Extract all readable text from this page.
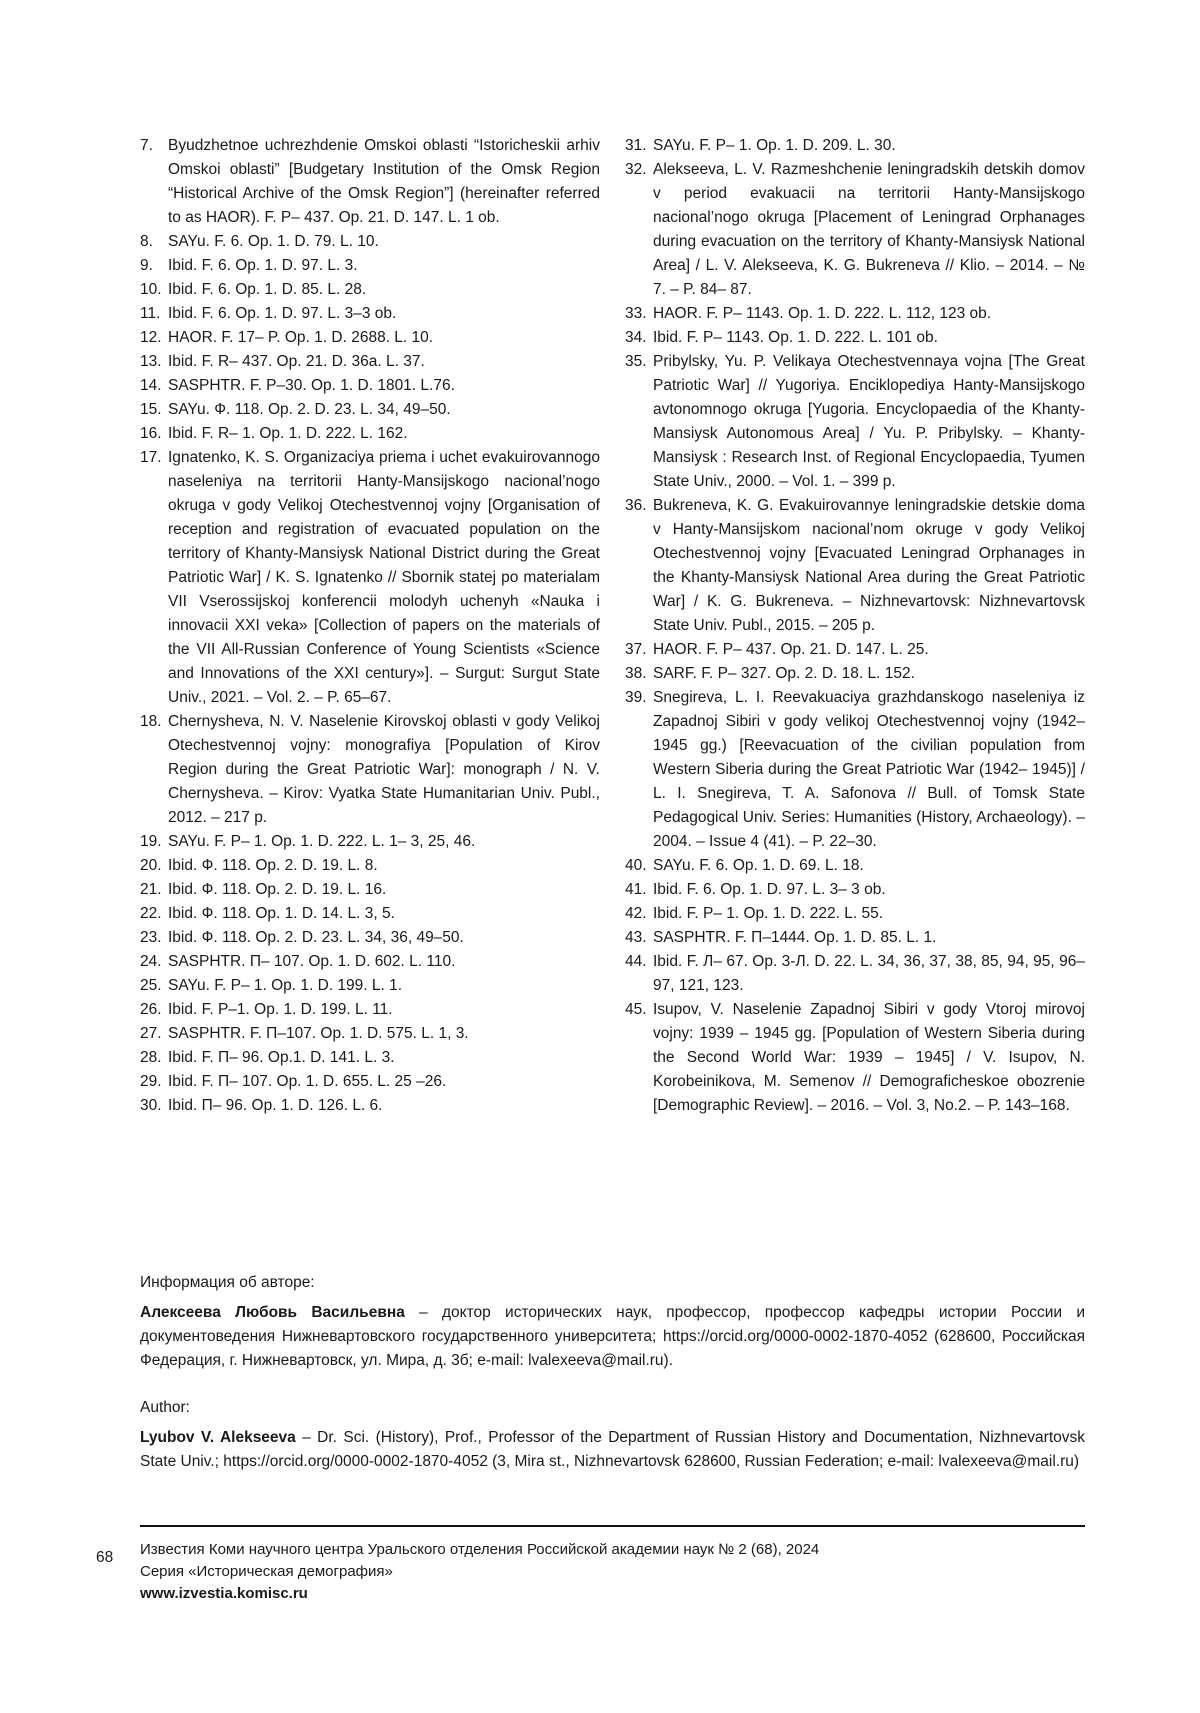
7. Byudzhetnoe uchrezhdenie Omskoi oblasti “Istoricheskii arhiv Omskoi oblasti” [Budgetary Institution of the Omsk Region “Historical Archive of the Omsk Region”] (hereinafter referred to as HAOR). F. P– 437. Op. 21. D. 147. L. 1 ob.
8. SAYu. F. 6. Op. 1. D. 79. L. 10.
9. Ibid. F. 6. Op. 1. D. 97. L. 3.
10. Ibid. F. 6. Op. 1. D. 85. L. 28.
11. Ibid. F. 6. Op. 1. D. 97. L. 3–3 ob.
12. HAOR. F. 17– P. Op. 1. D. 2688. L. 10.
13. Ibid. F. R– 437. Op. 21. D. 36a. L. 37.
14. SASPHTR. F. P–30. Op. 1. D. 1801. L.76.
15. SAYu. Ф. 118. Op. 2. D. 23. L. 34, 49–50.
16. Ibid. F. R– 1. Op. 1. D. 222. L. 162.
17. Ignatenko, K. S. Organizaciya priema i uchet evakuirovannogo naseleniya na territorii Hanty-Mansijskogo nacional’nogo okruga v gody Velikoj Otechestvennoj vojny [Organisation of reception and registration of evacuated population on the territory of Khanty-Mansiysk National District during the Great Patriotic War] / K. S. Ignatenko // Sbornik statej po materialam VII Vserossijskoj konferencii molodyh uchenyh «Nauka i innovacii XXI veka» [Collection of papers on the materials of the VII All-Russian Conference of Young Scientists «Science and Innovations of the XXI century»]. – Surgut: Surgut State Univ., 2021. – Vol. 2. – P. 65–67.
18. Chernysheva, N. V. Naselenie Kirovskoj oblasti v gody Velikoj Otechestvennoj vojny: monografiya [Population of Kirov Region during the Great Patriotic War]: monograph / N. V. Chernysheva. – Kirov: Vyatka State Humanitarian Univ. Publ., 2012. – 217 p.
19. SAYu. F. P– 1. Op. 1. D. 222. L. 1– 3, 25, 46.
20. Ibid. Ф. 118. Op. 2. D. 19. L. 8.
21. Ibid. Ф. 118. Op. 2. D. 19. L. 16.
22. Ibid. Ф. 118. Op. 1. D. 14. L. 3, 5.
23. Ibid. Ф. 118. Op. 2. D. 23. L. 34, 36, 49–50.
24. SASPHTR. П– 107. Op. 1. D. 602. L. 110.
25. SAYu. F. P– 1. Op. 1. D. 199. L. 1.
26. Ibid. F. P–1. Op. 1. D. 199. L. 11.
27. SASPHTR. F. П–107. Op. 1. D. 575. L. 1, 3.
28. Ibid. F. П– 96. Op.1. D. 141. L. 3.
29. Ibid. F. П– 107. Op. 1. D. 655. L. 25 –26.
30. Ibid. П– 96. Op. 1. D. 126. L. 6.
31. SAYu. F. P– 1. Op. 1. D. 209. L. 30.
32. Alekseeva, L. V. Razmeshchenie leningradskih detskih domov v period evakuacii na territorii Hanty-Mansijskogo nacional’nogo okruga [Placement of Leningrad Orphanages during evacuation on the territory of Khanty-Mansiysk National Area] / L. V. Alekseeva, K. G. Bukreneva // Klio. – 2014. – № 7. – P. 84– 87.
33. HAOR. F. P– 1143. Op. 1. D. 222. L. 112, 123 ob.
34. Ibid. F. P– 1143. Op. 1. D. 222. L. 101 ob.
35. Pribylsky, Yu. P. Velikaya Otechestvennaya vojna [The Great Patriotic War] // Yugoriya. Enciklopediya Hanty-Mansijskogo avtonomnogo okruga [Yugoria. Encyclopaedia of the Khanty-Mansiysk Autonomous Area] / Yu. P. Pribylsky. – Khanty-Mansiysk : Research Inst. of Regional Encyclopaedia, Tyumen State Univ., 2000. – Vol. 1. – 399 p.
36. Bukreneva, K. G. Evakuirovannye leningradskie detskie doma v Hanty-Mansijskom nacional’nom okruge v gody Velikoj Otechestvennoj vojny [Evacuated Leningrad Orphanages in the Khanty-Mansiysk National Area during the Great Patriotic War] / K. G. Bukreneva. – Nizhnevartovsk: Nizhnevartovsk State Univ. Publ., 2015. – 205 p.
37. HAOR. F. P– 437. Op. 21. D. 147. L. 25.
38. SARF. F. P– 327. Op. 2. D. 18. L. 152.
39. Snegireva, L. I. Reevakuaciya grazhdanskogo naseleniya iz Zapadnoj Sibiri v gody velikoj Otechestvennoj vojny (1942–1945 gg.) [Reevacuation of the civilian population from Western Siberia during the Great Patriotic War (1942– 1945)] / L. I. Snegireva, T. A. Safonova // Bull. of Tomsk State Pedagogical Univ. Series: Humanities (History, Archaeology). – 2004. – Issue 4 (41). – P. 22–30.
40. SAYu. F. 6. Op. 1. D. 69. L. 18.
41. Ibid. F. 6. Op. 1. D. 97. L. 3– 3 ob.
42. Ibid. F. P– 1. Op. 1. D. 222. L. 55.
43. SASPHTR. F. П–1444. Op. 1. D. 85. L. 1.
44. Ibid. F. Л– 67. Op. 3-Л. D. 22. L. 34, 36, 37, 38, 85, 94, 95, 96– 97, 121, 123.
45. Isupov, V. Naselenie Zapadnoj Sibiri v gody Vtoroj mirovoj vojny: 1939 – 1945 gg. [Population of Western Siberia during the Second World War: 1939 – 1945] / V. Isupov, N. Korobeinikova, M. Semenov // Demograficheskoe obozrenie [Demographic Review]. – 2016. – Vol. 3, No.2. – P. 143–168.

Информация об авторе:

Алексеева Любовь Васильевна – доктор исторических наук, профессор, профессор кафедры истории России и документоведения Нижневартовского государственного университета; https://orcid.org/0000-0002-1870-4052 (628600, Российская Федерация, г. Нижневартовск, ул. Мира, д. 3б; e-mail: lvalexeeva@mail.ru).

Author:

Lyubov V. Alekseeva – Dr. Sci. (History), Prof., Professor of the Department of Russian History and Documentation, Nizhnevartovsk State Univ.; https://orcid.org/0000-0002-1870-4052 (3, Mira st., Nizhnevartovsk 628600, Russian Federation; e-mail: lvalexeeva@mail.ru)

68 Известия Коми научного центра Уральского отделения Российской академии наук № 2 (68), 2024
Серия «Историческая демография»
www.izvestia.komisc.ru
